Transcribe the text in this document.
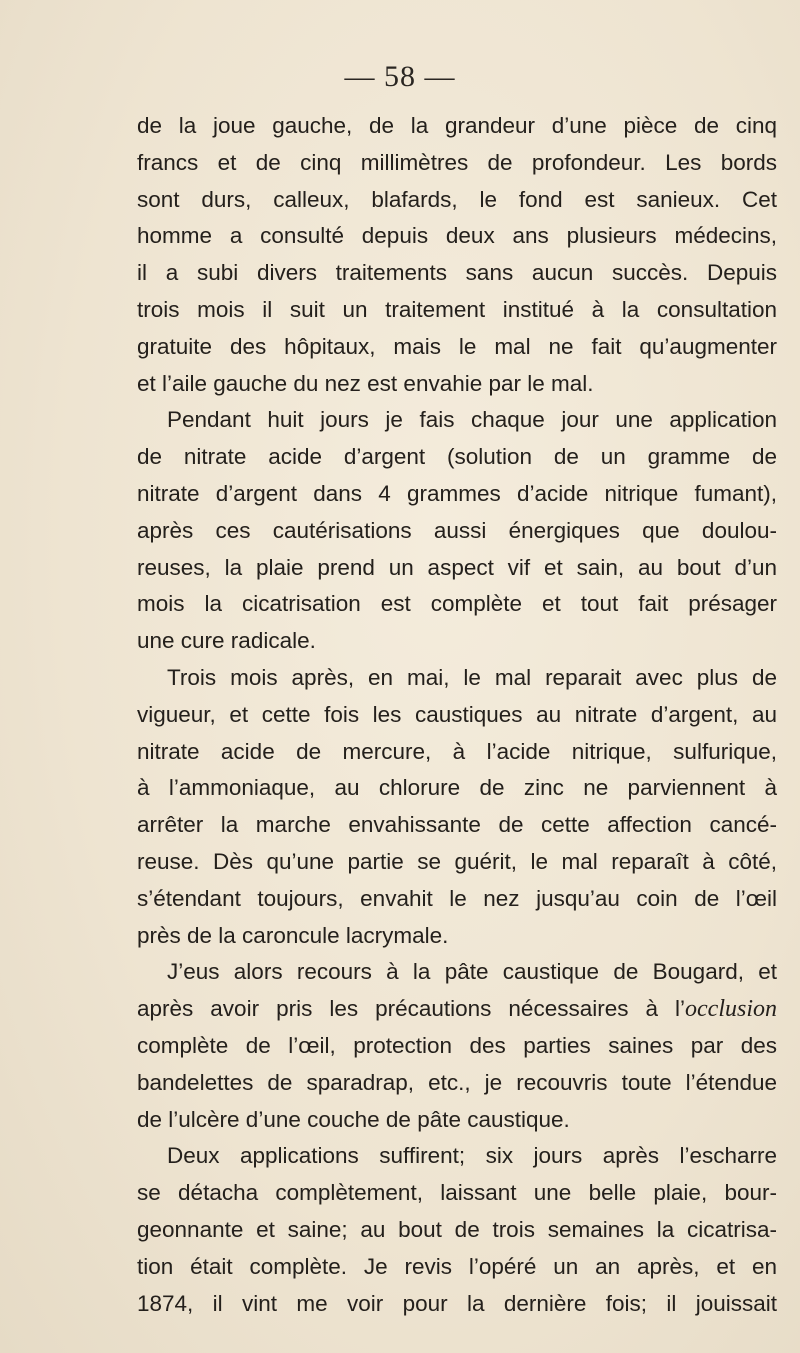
— 58 —
de la joue gauche, de la grandeur d’une pièce de cinq
francs et de cinq millimètres de profondeur. Les bords
sont durs, calleux, blafards, le fond est sanieux. Cet
homme a consulté depuis deux ans plusieurs médecins,
il a subi divers traitements sans aucun succès. Depuis
trois mois il suit un traitement institué à la consultation
gratuite des hôpitaux, mais le mal ne fait qu’augmenter
et l’aile gauche du nez est envahie par le mal.
Pendant huit jours je fais chaque jour une application
de nitrate acide d’argent (solution de un gramme de
nitrate d’argent dans 4 grammes d’acide nitrique fumant),
après ces cautérisations aussi énergiques que doulou-
reuses, la plaie prend un aspect vif et sain, au bout d’un
mois la cicatrisation est complète et tout fait présager
une cure radicale.
Trois mois après, en mai, le mal reparait avec plus de
vigueur, et cette fois les caustiques au nitrate d’argent, au
nitrate acide de mercure, à l’acide nitrique, sulfurique,
à l’ammoniaque, au chlorure de zinc ne parviennent à
arrêter la marche envahissante de cette affection cancé-
reuse. Dès qu’une partie se guérit, le mal reparaît à côté,
s’étendant toujours, envahit le nez jusqu’au coin de l’œil
près de la caroncule lacrymale.
J’eus alors recours à la pâte caustique de Bougard, et
après avoir pris les précautions nécessaires à l’occlusion
complète de l’œil, protection des parties saines par des
bandelettes de sparadrap, etc., je recouvris toute l’étendue
de l’ulcère d’une couche de pâte caustique.
Deux applications suffirent; six jours après l’escharre
se détacha complètement, laissant une belle plaie, bour-
geonnante et saine; au bout de trois semaines la cicatrisa-
tion était complète. Je revis l’opéré un an après, et en
1874, il vint me voir pour la dernière fois; il jouissait
